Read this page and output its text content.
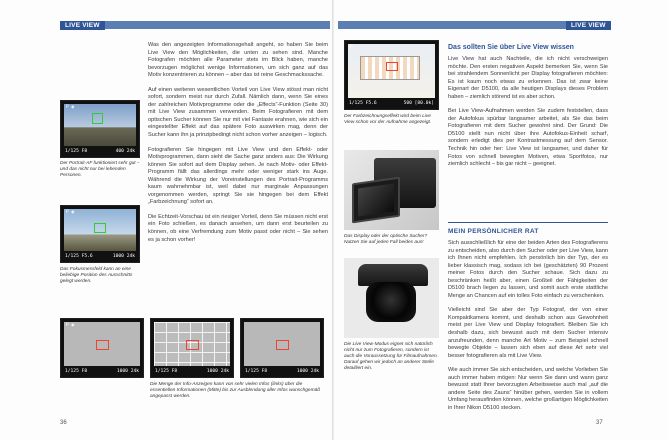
LIVE VIEW
P ◉
1/125 F8	400 24k
Der Portrait-AF funktioniert sehr gut – und das nicht nur bei lebenden Personen.
P ◉
1/125 F5.6	1000 24k
Das Fokusmessfeld kann an eine beliebige Position des Ausschnitts gelegt werden.

Was den angezeigten Informationsgehalt angeht, so haben Sie beim Live View den Möglichkeiten, die unten zu sehen sind. Manche Fotografen möchten alle Parameter stets im Blick haben, manche bevorzugen möglichst wenige Informationen, um sich ganz auf das Motiv konzentrieren zu können – aber das ist reine Geschmackssache.

Auf einen weiteren wesentlichen Vorteil von Live View stösst man nicht sofort, sondern meist nur durch Zufall. Nämlich dann, wenn Sie eines der zahlreichen Motivprogramme oder die „Effects“-Funktion (Seite 30) mit Live View zusammen verwenden. Beim Fotografieren mit dem optischen Sucher können Sie nur mit viel Fantasie erahnen, wie sich ein eingestellter Effekt auf das spätere Foto auswirken mag, denn der Sucher kann ihn ja prinzipbedingt nicht schon vorher anzeigen – logisch.

Fotografieren Sie hingegen mit Live View und den Effekt- oder Motivprogrammen, dann sieht die Sache ganz anders aus: Die Wirkung können Sie sofort auf dem Display sehen. Je nach Motiv- oder Effekt-Programm fällt das allerdings mehr oder weniger stark ins Auge. Während die Wirkung der Voreinstellungen des Portrait-Programms kaum wahrnehmbar ist, weil dabei nur marginale Anpassungen vorgenommen werden, springt Sie sie hingegen bei dem Effekt „Farbzeichnung“ sofort an.

Die Echtzeit-Vorschau ist ein riesiger Vorteil, denn Sie müssen nicht erst ein Foto schießen, es danach ansehen, um dann erst beurteilen zu können, ob eine Verfremdung zum Motiv passt oder nicht – Sie sehen es ja schon vorher!

P ◉
1/125 F8	1000 24k	1/125 F8	1000 24k	1/125 F8	1000 24k
Die Menge der Info-Anzeigen kann von sehr vielen Infos (links) über die essentiellen Informationen (Mitte) bis zur Ausblendung aller Infos wunschgemäß angepasst werden.
36
LIVE VIEW
P
1/125 F5.6	500 [80.0k]
Der Farbzeichnungseffekt wird beim Live View schon vor der Aufnahme angezeigt.
Das Display oder der optische Sucher? Nutzen Sie auf jeden Fall beides aus!
Die Live View-Modus eignet sich natürlich nicht nur zum Fotografieren, sondern ist auch die Voraussetzung für Filmaufnahmen. Darauf gehen wir jedoch an anderer Stelle detailliert ein.
Das sollten Sie über Live View wissen

Live View hat auch Nachteile, die ich nicht verschweigen möchte. Den ersten negativen Aspekt bemerken Sie, wenn Sie bei strahlendem Sonnenlicht per Display fotografieren möchten: Es ist kaum noch etwas zu erkennen. Das ist zwar keine Eigenart der D5100, da alle heutigen Displays dieses Problem haben – ziemlich störend ist es aber schon.

Bei Live View-Aufnahmen werden Sie zudem feststellen, dass der Autofokus spürbar langsamer arbeitet, als Sie das beim Fotografieren mit dem Sucher gewohnt sind. Der Grund: Die D5100 stellt nun nicht über ihre Autofokus-Einheit scharf, sondern erledigt dies per Kontrastmessung auf dem Sensor. Technik hin oder her: Live View ist langsamer, und daher für Fotos von schnell bewegten Motiven, etwa Sportfotos, nur ziemlich schlecht – bis gar nicht – geeignet.

MEIN PERSÖNLICHER RAT

Sich ausschließlich für eine der beiden Arten des Fotografierens zu entscheiden, also durch den Sucher oder per Live View, kann ich Ihnen nicht empfehlen. Ich persönlich bin der Typ, der es lieber klassisch mag, sodass ich bei (geschätzten) 90 Prozent meiner Fotos durch den Sucher schaue. Sich dazu zu beschränken heißt aber, einen Großteil der Fähigkeiten der D5100 brach liegen zu lassen, und somit auch erste stattliche Menge an Chancen auf ein tolles Foto einfach zu verschenken.

Vielleicht sind Sie aber der Typ Fotograf, der von einer Kompaktkamera kommt, und deshalb schon aus Gewohnheit meist per Live View und Display fotografiert. Bleiben Sie ich deshalb dazu, sich bewusst auch mit dem Sucher intensiv anzufreunden, denn manche Art Motiv – zum Beispiel schnell bewegte Objekte – lassen sich eben auf diese Art sehr viel besser fotografieren als mit Live View.

Wie auch immer Sie sich entscheiden, und welche Vorlieben Sie auch immer haben mögen: Nur wenn Sie dann und wann ganz bewusst statt Ihrer bevorzugten Arbeitsweise auch mal „auf die andere Seite des Zauns“ hinüber gehen, werden Sie in vollem Umfang herausfinden können, welche großartigen Möglichkeiten in Ihrer Nikon D5100 stecken.

37
